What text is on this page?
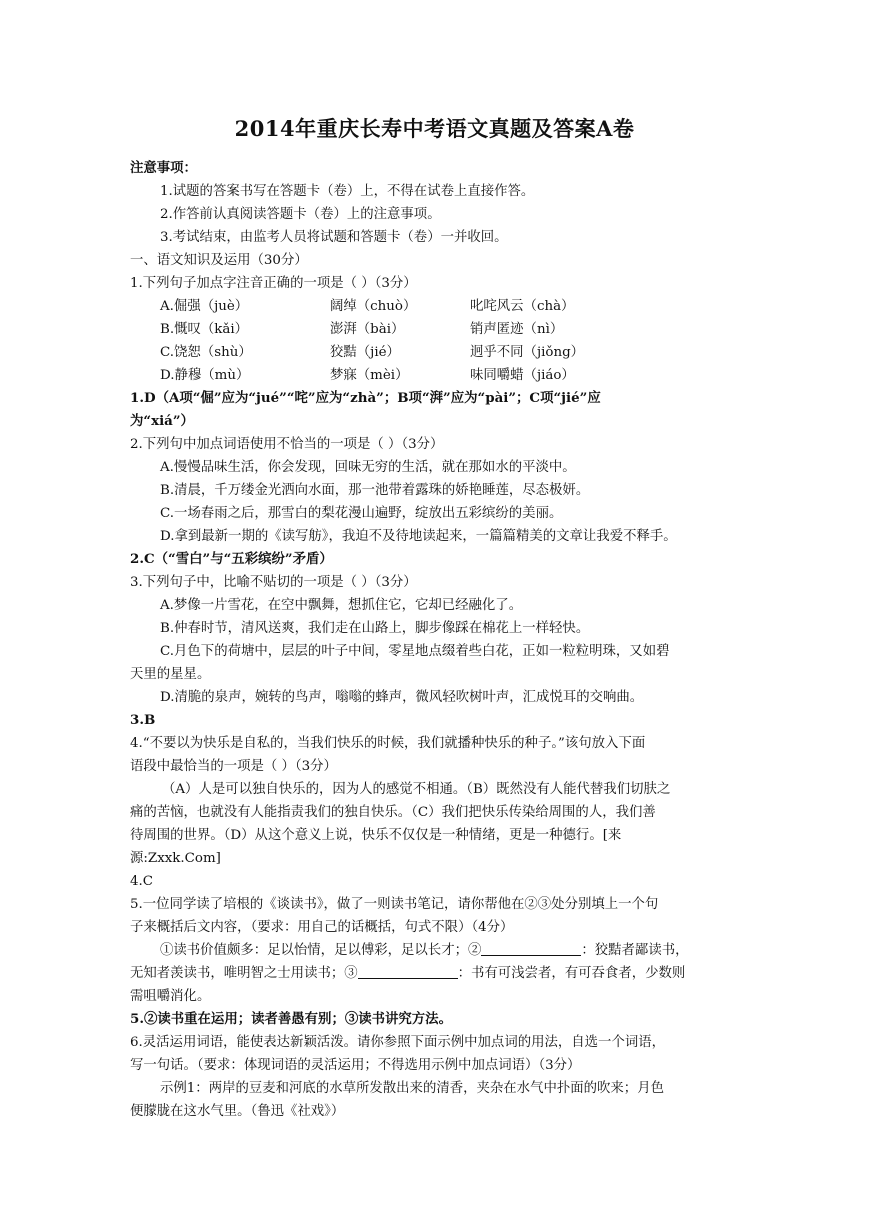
2014年重庆长寿中考语文真题及答案A卷

注意事项：

1.试题的答案书写在答题卡（卷）上，不得在试卷上直接作答。

2.作答前认真阅读答题卡（卷）上的注意事项。

3.考试结束，由监考人员将试题和答题卡（卷）一并收回。

一、语文知识及运用（30分）

1.下列句子加点字注音正确的一项是（ ）（3分）

A.倔强（juè）	阔绰（chuò）	叱咤风云（chà）

B.慨叹（kǎi）	澎湃（bài）	销声匿迹（nì）

C.饶恕（shù）	狡黠（jié）	迥乎不同（jiǒng）

D.静穆（mù）	梦寐（mèi）	味同嚼蜡（jiáo）

1.D（A项“倔”应为“jué”“咤”应为“zhà”；B项“湃”应为“pài”；C项“jié”应

为“xiá”）

2.下列句中加点词语使用不恰当的一项是（ ）（3分）

A.慢慢品味生活，你会发现，回味无穷的生活，就在那如水的平淡中。

B.清晨，千万缕金光洒向水面，那一池带着露珠的娇艳睡莲，尽态极妍。

C.一场春雨之后，那雪白的梨花漫山遍野，绽放出五彩缤纷的美丽。

D.拿到最新一期的《读写舫》，我迫不及待地读起来，一篇篇精美的文章让我爱不释手。

2.C（“雪白”与“五彩缤纷”矛盾）

3.下列句子中，比喻不贴切的一项是（ ）（3分）

A.梦像一片雪花，在空中飘舞，想抓住它，它却已经融化了。

B.仲春时节，清风送爽，我们走在山路上，脚步像踩在棉花上一样轻快。

C.月色下的荷塘中，层层的叶子中间，零星地点缀着些白花，正如一粒粒明珠，又如碧

天里的星星。

D.清脆的泉声，婉转的鸟声，嗡嗡的蜂声，微风轻吹树叶声，汇成悦耳的交响曲。

3.B

4.“不要以为快乐是自私的，当我们快乐的时候，我们就播种快乐的种子。”该句放入下面

语段中最恰当的一项是（ ）（3分）

（A）人是可以独自快乐的，因为人的感觉不相通。（B）既然没有人能代替我们切肤之

痛的苦恼，也就没有人能指责我们的独自快乐。（C）我们把快乐传染给周围的人，我们善

待周围的世界。（D）从这个意义上说，快乐不仅仅是一种情绪，更是一种德行。[来

源:Zxxk.Com]

4.C

5.一位同学读了培根的《谈读书》，做了一则读书笔记，请你帮他在②③处分别填上一个句

子来概括后文内容，（要求：用自己的话概括，句式不限）（4分）

①读书价值颇多：足以怡情，足以傅彩，足以长才；②	：狡黠者鄙读书，

无知者羡读书，唯明智之士用读书；③	：书有可浅尝者，有可吞食者，少数则

需咀嚼消化。

5.②读书重在运用；读者善愚有别；③读书讲究方法。

6.灵活运用词语，能使表达新颖活泼。请你参照下面示例中加点词的用法，自选一个词语，

写一句话。（要求：体现词语的灵活运用；不得选用示例中加点词语）（3分）

示例1：两岸的豆麦和河底的水草所发散出来的清香，夹杂在水气中扑面的吹来；月色

便朦胧在这水气里。（鲁迅《社戏》）
